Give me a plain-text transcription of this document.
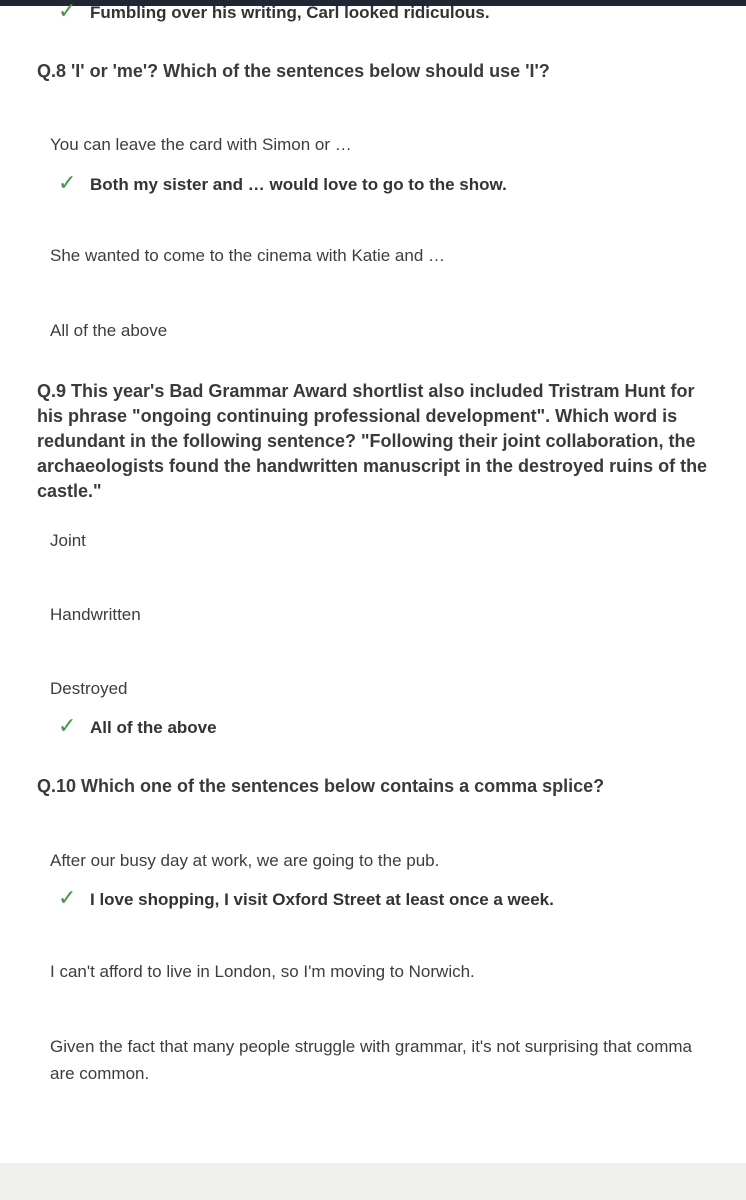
✓ Fumbling over his writing, Carl looked ridiculous.
Q.8 'I' or 'me'? Which of the sentences below should use 'I'?
You can leave the card with Simon or …
✓ Both my sister and … would love to go to the show.
She wanted to come to the cinema with Katie and …
All of the above
Q.9 This year's Bad Grammar Award shortlist also included Tristram Hunt for his phrase "ongoing continuing professional development". Which word is redundant in the following sentence? "Following their joint collaboration, the archaeologists found the handwritten manuscript in the destroyed ruins of the castle."
Joint
Handwritten
Destroyed
✓ All of the above
Q.10 Which one of the sentences below contains a comma splice?
After our busy day at work, we are going to the pub.
✓ I love shopping, I visit Oxford Street at least once a week.
I can't afford to live in London, so I'm moving to Norwich.
Given the fact that many people struggle with grammar, it's not surprising that comma are common.
